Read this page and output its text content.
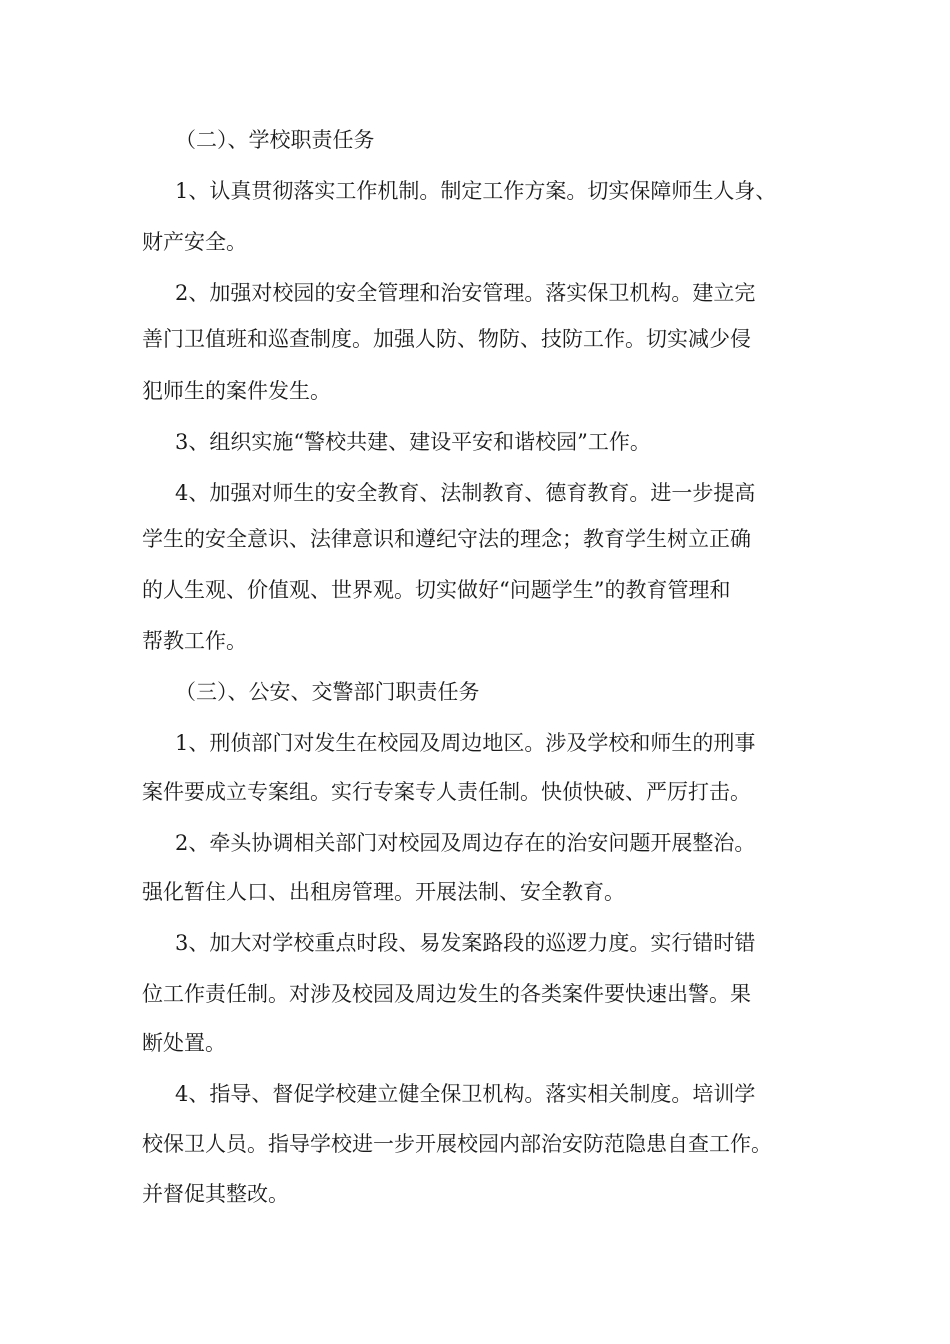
（二）、学校职责任务
1、认真贯彻落实工作机制。制定工作方案。切实保障师生人身、
财产安全。
2、加强对校园的安全管理和治安管理。落实保卫机构。建立完
善门卫值班和巡查制度。加强人防、物防、技防工作。切实减少侵
犯师生的案件发生。
3、组织实施“警校共建、建设平安和谐校园”工作。
4、加强对师生的安全教育、法制教育、德育教育。进一步提高
学生的安全意识、法律意识和遵纪守法的理念；教育学生树立正确
的人生观、价值观、世界观。切实做好“问题学生”的教育管理和
帮教工作。
（三）、公安、交警部门职责任务
1、刑侦部门对发生在校园及周边地区。涉及学校和师生的刑事
案件要成立专案组。实行专案专人责任制。快侦快破、严厉打击。
2、牵头协调相关部门对校园及周边存在的治安问题开展整治。
强化暂住人口、出租房管理。开展法制、安全教育。
3、加大对学校重点时段、易发案路段的巡逻力度。实行错时错
位工作责任制。对涉及校园及周边发生的各类案件要快速出警。果
断处置。
4、指导、督促学校建立健全保卫机构。落实相关制度。培训学
校保卫人员。指导学校进一步开展校园内部治安防范隐患自查工作。
并督促其整改。
